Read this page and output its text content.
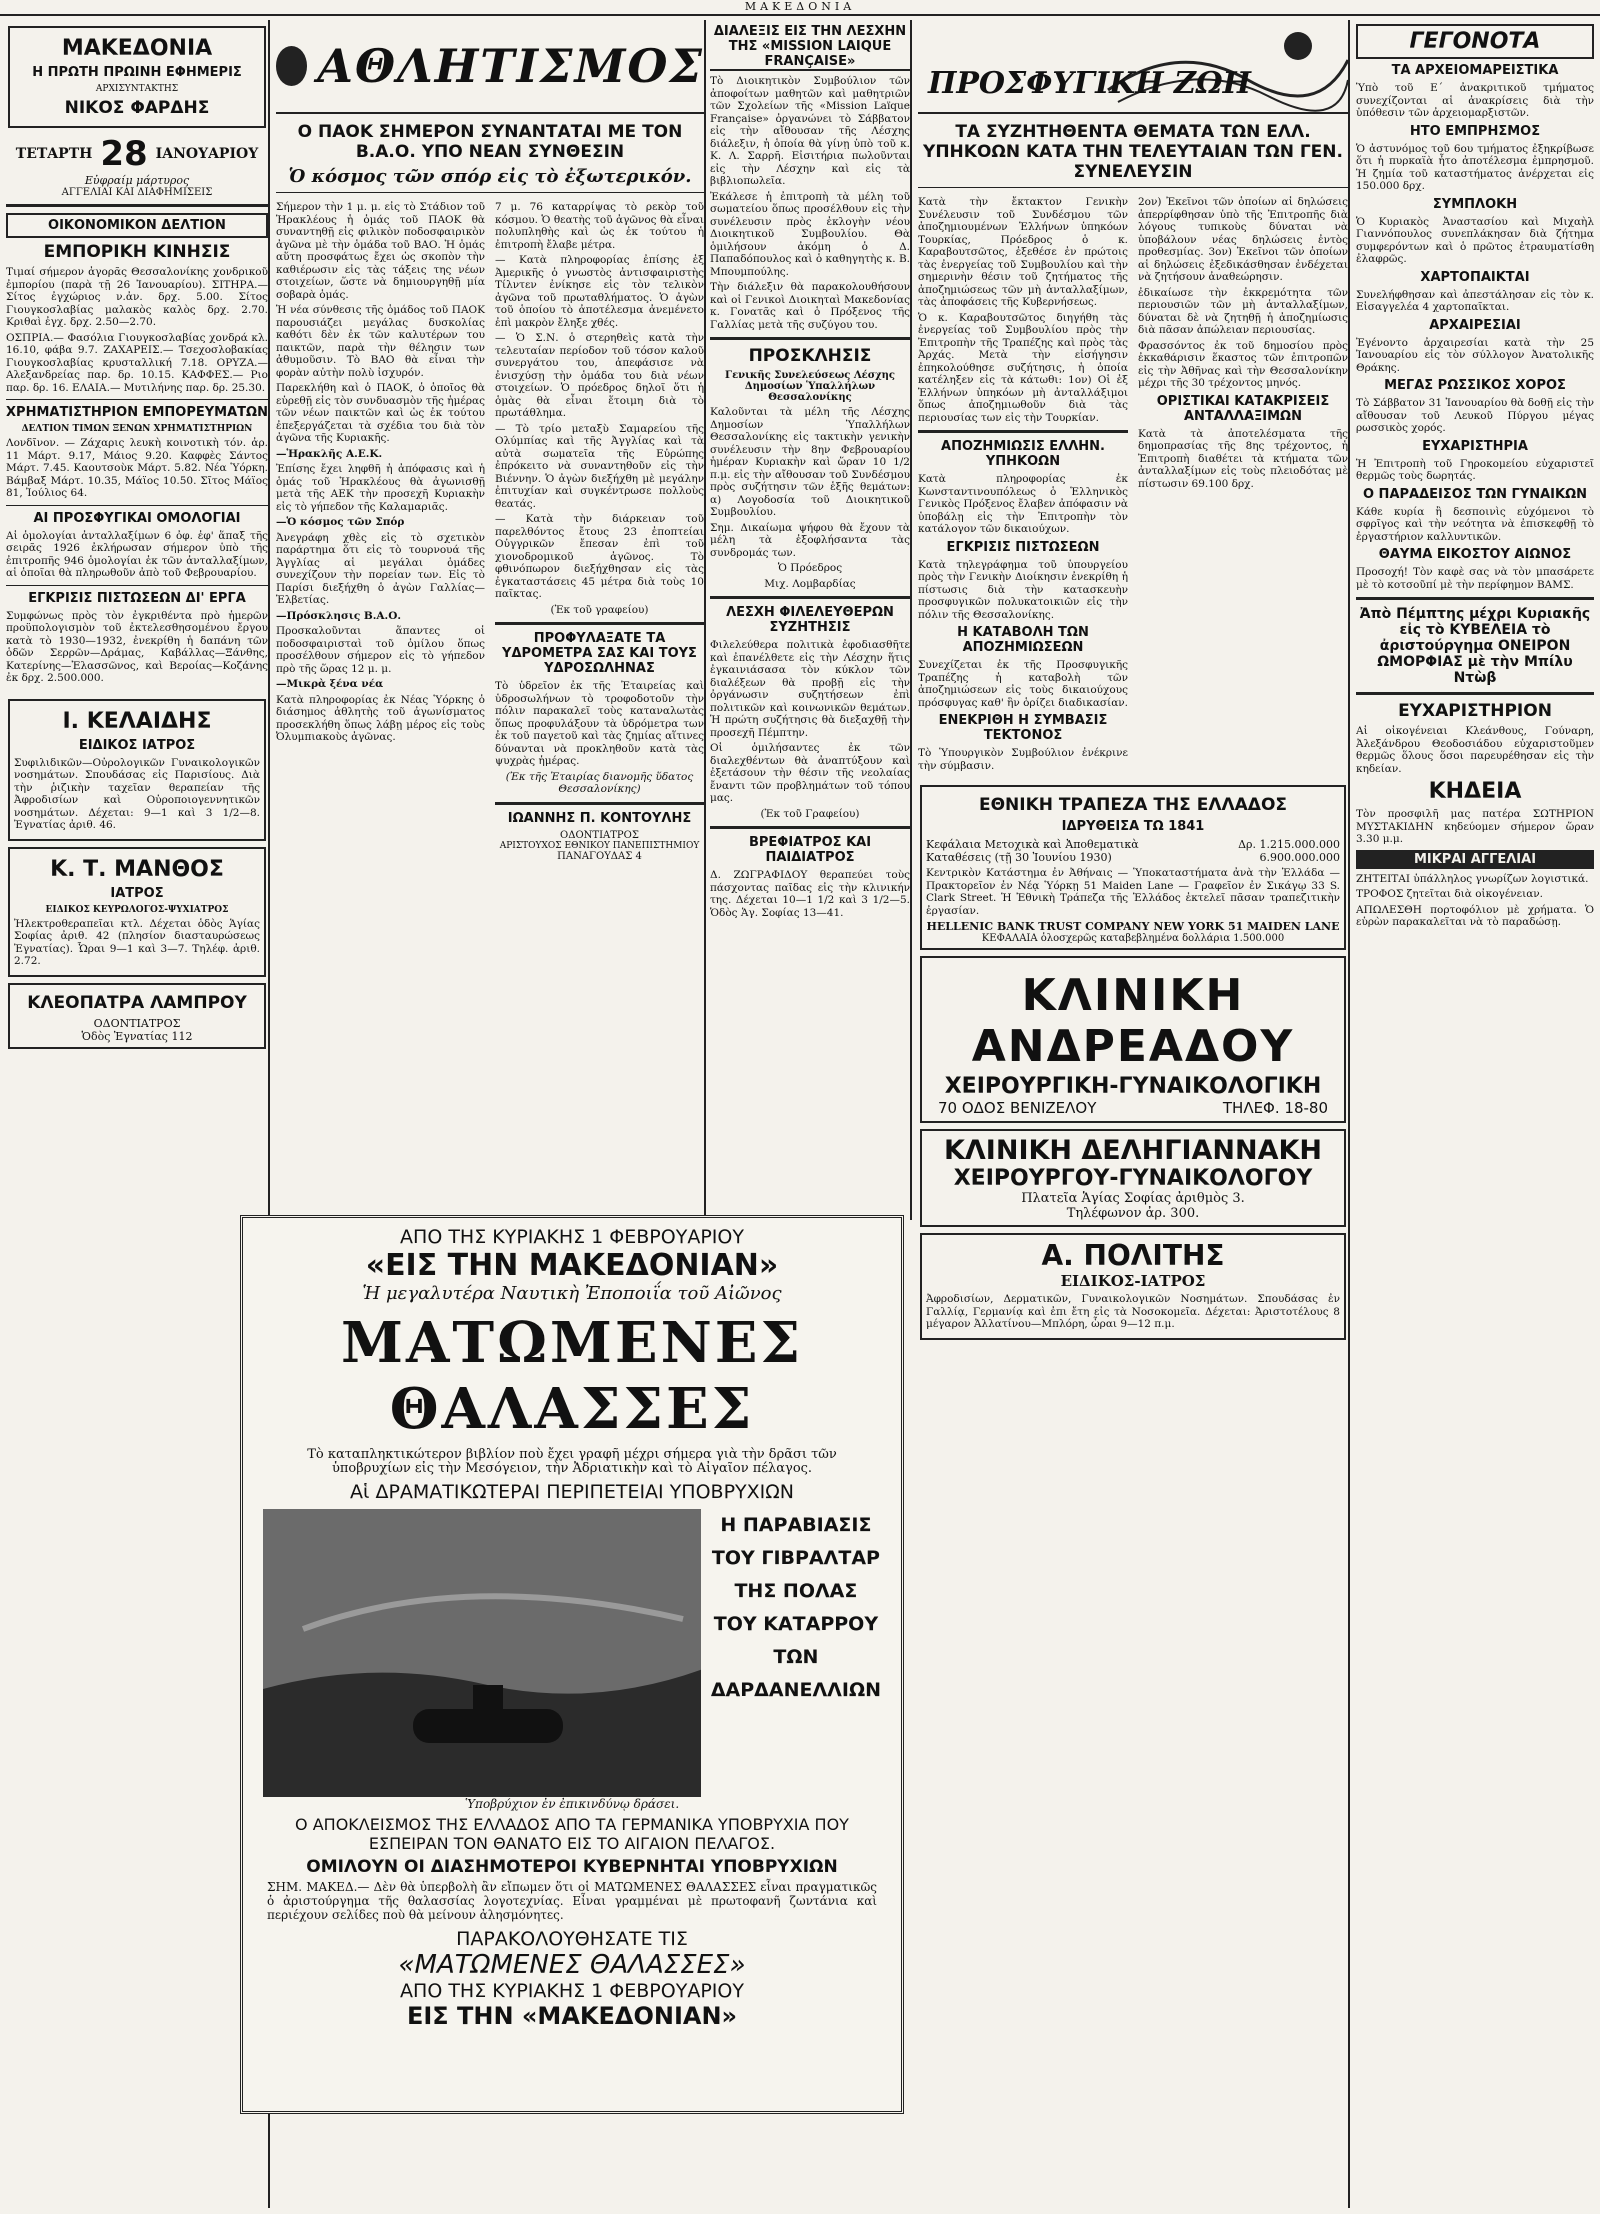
ΜΑΚΕΔΟΝΙΑ
ΜΑΚΕΔΟΝΙΑ
Η ΠΡΩΤΗ ΠΡΩΙΝΗ ΕΦΗΜΕΡΙΣ
ΑΡΧΙΣΥΝΤΑΚΤΗΣ
ΝΙΚΟΣ ΦΑΡΔΗΣ
ΤΕΤΑΡΤΗ 28 ΙΑΝΟΥΑΡΙΟΥ
Εὐφραίμ μάρτυρος
ΑΓΓΕΛΙΑΙ ΚΑΙ ΔΙΑΦΗΜΙΣΕΙΣ
ΟΙΚΟΝΟΜΙΚΟΝ ΔΕΛΤΙΟΝ
ΕΜΠΟΡΙΚΗ ΚΙΝΗΣΙΣ

Τιμαί σήμερον ἀγορᾶς Θεσσαλονίκης χονδρικοῦ ἐμπορίου (παρὰ τῇ 26 Ἰανουαρίου). ΣΙΤΗΡΑ.— Σίτος ἐγχώριος ν.ἀν. δρχ. 5.00. Σίτος Γιουγκοσλαβίας μαλακὸς καλὸς δρχ. 2.70. Κριθαὶ ἐγχ. δρχ. 2.50—2.70.

ΟΣΠΡΙΑ.— Φασόλια Γιουγκοσλαβίας χονδρά κλ. 16.10, φάβα 9.7. ΖΑΧΑΡΕΙΣ.— Τσεχοσλοβακίας Γιουγκοσλαβίας κρυσταλλική 7.18. ΟΡΥΖΑ.— Αλεξανδρείας παρ. δρ. 10.15. ΚΑΦΦΕΣ.— Ριο παρ. δρ. 16. ΕΛΑΙΑ.— Μυτιλήνης παρ. δρ. 25.30.

ΧΡΗΜΑΤΙΣΤΗΡΙΟΝ ΕΜΠΟΡΕΥΜΑΤΩΝ
ΔΕΛΤΙΟΝ ΤΙΜΩΝ ΞΕΝΩΝ ΧΡΗΜΑΤΙΣΤΗΡΙΩΝ

Λονδῖνον. — Ζάχαρις λευκὴ κοινοτικὴ τόν. ἀρ. 11 Μάρτ. 9.17, Μάιος 9.20. Καφφὲς Σάντος Μάρτ. 7.45. Καουτσοὺκ Μάρτ. 5.82. Νέα Ὑόρκη. Βάμβαξ Μάρτ. 10.35, Μάϊος 10.50. Σῖτος Μάϊος 81, Ἰούλιος 64.

ΑΙ ΠΡΟΣΦΥΓΙΚΑΙ ΟΜΟΛΟΓΙΑΙ

Αἱ ὁμολογίαι ἀνταλλαξίμων 6 ὀφ. ἐφ' ἅπαξ τῆς σειρᾶς 1926 ἐκλήρωσαν σήμερον ὑπὸ τῆς ἐπιτροπῆς 946 ὁμολογίαι ἐκ τῶν ἀνταλλαξίμων, αἱ ὁποῖαι θὰ πληρωθοῦν ἀπὸ τοῦ Φεβρουαρίου.

ΕΓΚΡΙΣΙΣ ΠΙΣΤΩΣΕΩΝ ΔΙ' ΕΡΓΑ

Συμφώνως πρὸς τὸν ἐγκριθέντα πρὸ ἡμερῶν προϋπολογισμὸν τοῦ ἐκτελεσθησομένου ἔργου κατὰ τὸ 1930—1932, ἐνεκρίθη ἡ δαπάνη τῶν ὁδῶν Σερρῶν—Δράμας, Καβάλλας—Ξάνθης, Κατερίνης—Ἐλασσῶνος, καὶ Βεροίας—Κοζάνης ἐκ δρχ. 2.500.000.

Ι. ΚΕΛΑΙΔΗΣ
ΕΙΔΙΚΟΣ ΙΑΤΡΟΣ

Συφιλιδικῶν—Οὐρολογικῶν Γυναικολογικῶν νοσημάτων. Σπουδάσας εἰς Παρισίους. Διὰ τὴν ῥιζικὴν ταχεῖαν θεραπείαν τῆς Ἀφροδισίων καὶ Οὐροποιογεννητικῶν νοσημάτων. Δέχεται: 9—1 καὶ 3 1/2—8. Ἐγνατίας ἀριθ. 46.

Κ. Τ. ΜΑΝΘΟΣ
ΙΑΤΡΟΣ
ΕΙΔΙΚΟΣ ΚΕΥΡΩΛΟΓΟΣ-ΨΥΧΙΑΤΡΟΣ

Ἠλεκτροθεραπεῖαι κτλ. Δέχεται ὁδὸς Ἁγίας Σοφίας ἀριθ. 42 (πλησίον διασταυρώσεως Ἐγνατίας). Ὧραι 9—1 καὶ 3—7. Τηλέφ. ἀριθ. 2.72.

ΚΛΕΟΠΑΤΡΑ ΛΑΜΠΡΟΥ
ΟΔΟΝΤΙΑΤΡΟΣ
Ὁδὸς Ἐγνατίας 112
ΑΘΛΗΤΙΣΜΟΣ
Ο ΠΑΟΚ ΣΗΜΕΡΟΝ ΣΥΝΑΝΤΑΤΑΙ ΜΕ ΤΟΝ Β.Α.Ο. ΥΠΟ ΝΕΑΝ ΣΥΝΘΕΣΙΝ
Ὁ κόσμος τῶν σπόρ εἰς τὸ ἐξωτερικόν.

Σήμερον τὴν 1 μ. μ. εἰς τὸ Στάδιον τοῦ Ἡρακλέους ἡ ὁμάς τοῦ ΠΑΟΚ θὰ συναντηθῇ εἰς φιλικὸν ποδοσφαιρικὸν ἀγῶνα μὲ τὴν ὁμάδα τοῦ ΒΑΟ. Ἡ ὁμάς αὕτη προσφάτως ἔχει ὡς σκοπὸν τὴν καθιέρωσιν εἰς τὰς τάξεις της νέων στοιχείων, ὥστε νὰ δημιουργηθῇ μία σοβαρὰ ὁμάς.

Ἡ νέα σύνθεσις τῆς ὁμάδος τοῦ ΠΑΟΚ παρουσιάζει μεγάλας δυσκολίας καθότι δὲν ἐκ τῶν καλυτέρων του παικτῶν, παρὰ τὴν θέλησιν των ἀθυμοῦσιν. Τὸ ΒΑΟ θὰ εἶναι τὴν φορὰν αὐτὴν πολὺ ἰσχυρόν.

Παρεκλήθη καὶ ὁ ΠΑΟΚ, ὁ ὁποῖος θὰ εὑρεθῇ εἰς τὸν συνδυασμὸν τῆς ἡμέρας τῶν νέων παικτῶν καὶ ὡς ἐκ τούτου ἐπεξεργάζεται τὰ σχέδια του διὰ τὸν ἀγῶνα τῆς Κυριακῆς.

—Ἡρακλῆς Α.Ε.Κ.

Ἐπίσης ἔχει ληφθῆ ἡ ἀπόφασις καὶ ἡ ὁμάς τοῦ Ἡρακλέους θὰ ἀγωνισθῇ μετὰ τῆς ΑΕΚ τὴν προσεχῆ Κυριακὴν εἰς τὸ γήπεδον τῆς Καλαμαριᾶς.

—Ὁ κόσμος τῶν Σπόρ

Ἀνεγράφη χθὲς εἰς τὸ σχετικὸν παράρτημα ὅτι εἰς τὸ τουρνουά τῆς Ἀγγλίας αἱ μεγάλαι ὁμάδες συνεχίζουν τὴν πορείαν των. Εἰς τὸ Παρίσι διεξήχθη ὁ ἀγὼν Γαλλίας—Ἑλβετίας.

—Πρόσκλησις Β.Α.Ο.

Προσκαλοῦνται ἅπαντες οἱ ποδοσφαιρισταὶ τοῦ ὁμίλου ὅπως προσέλθουν σήμερον εἰς τὸ γήπεδον πρὸ τῆς ὥρας 12 μ. μ.

—Μικρὰ ξένα νέα

Κατὰ πληροφορίας ἐκ Νέας Ὑόρκης ὁ διάσημος ἀθλητὴς τοῦ ἀγωνίσματος προσεκλήθη ὅπως λάβῃ μέρος εἰς τοὺς Ὀλυμπιακοὺς ἀγῶνας.

7 μ. 76 καταρρίψας τὸ ρεκὸρ τοῦ κόσμου. Ὁ θεατὴς τοῦ ἀγῶνος θὰ εἶναι πολυπληθὴς καὶ ὡς ἐκ τούτου ἡ ἐπιτροπὴ ἔλαβε μέτρα.

— Κατὰ πληροφορίας ἐπίσης ἐξ Ἀμερικῆς ὁ γνωστὸς ἀντισφαιριστὴς Τίλντεν ἐνίκησε εἰς τὸν τελικὸν ἀγῶνα τοῦ πρωταθλήματος. Ὁ ἀγὼν τοῦ ὁποίου τὸ ἀποτέλεσμα ἀνεμένετο ἐπὶ μακρὸν ἔληξε χθές.

— Ὁ Σ.Ν. ὁ στερηθεὶς κατὰ τὴν τελευταίαν περίοδον τοῦ τόσον καλοῦ συνεργάτου του, ἀπεφάσισε νὰ ἐνισχύσῃ τὴν ὁμάδα του διὰ νέων στοιχείων. Ὁ πρόεδρος δηλοῖ ὅτι ἡ ὁμὰς θὰ εἶναι ἕτοιμη διὰ τὸ πρωτάθλημα.

— Τὸ τρίο μεταξὺ Σαμαρείου τῆς Ολύμπίας καὶ τῆς Ἀγγλίας καὶ τὰ αὐτὰ σωματεῖα τῆς Εὐρώπης ἐπρόκειτο νὰ συναντηθοῦν εἰς τὴν Βιέννην. Ὁ ἀγὼν διεξήχθη μὲ μεγάλην ἐπιτυχίαν καὶ συγκέντρωσε πολλοὺς θεατάς.

— Κατὰ τὴν διάρκειαν τοῦ παρελθόντος ἔτους 23 ἐποπτείαι Οὐγγρικῶν ἔπεσαν ἐπὶ τοῦ χιονοδρομικοῦ ἀγῶνος. Τὸ φθινόπωρον διεξήχθησαν εἰς τὰς ἐγκαταστάσεις 45 μέτρα διὰ τοὺς 10 παῖκτας.

(Ἐκ τοῦ γραφείου)

ΠΡΟΦΥΛΑΞΑΤΕ ΤΑ ΥΔΡΟΜΕΤΡΑ ΣΑΣ ΚΑΙ ΤΟΥΣ ΥΔΡΟΣΩΛΗΝΑΣ

Τὸ ὑδρεῖον ἐκ τῆς Ἐταιρείας καὶ ὑδροσωλήνων τὸ τροφοδοτοῦν τὴν πόλιν παρακαλεῖ τοὺς καταναλωτὰς ὅπως προφυλάξουν τὰ ὑδρόμετρα των ἐκ τοῦ παγετοῦ καὶ τὰς ζημίας αἵτινες δύνανται νὰ προκληθοῦν κατὰ τὰς ψυχρὰς ἡμέρας.

(Ἐκ τῆς Ἐταιρίας διανομῆς ὕδατος Θεσσαλονίκης)

ΙΩΑΝΝΗΣ Π. ΚΟΝΤΟΥΛΗΣ
ΟΔΟΝΤΙΑΤΡΟΣ
ΑΡΙΣΤΟΥΧΟΣ ΕΘΝΙΚΟΥ ΠΑΝΕΠΙΣΤΗΜΙΟΥ
ΠΑΝΑΓΟΥΔΑΣ 4
ΔΙΑΛΕΞΙΣ ΕΙΣ ΤΗΝ ΛΕΣΧΗΝ ΤΗΣ «MISSION LAIQUE FRANÇAISE»

Τὸ Διοικητικὸν Συμβούλιον τῶν ἀποφοίτων μαθητῶν καὶ μαθητριῶν τῶν Σχολείων τῆς «Mission Laïque Française» ὀργανώνει τὸ Σάββατον εἰς τὴν αἴθουσαν τῆς Λέσχης διάλεξιν, ἡ ὁποία θὰ γίνῃ ὑπὸ τοῦ κ. Κ. Λ. Σαρρῆ. Εἰσιτήρια πωλοῦνται εἰς τὴν Λέσχην καὶ εἰς τὰ βιβλιοπωλεῖα.

Ἐκάλεσε ἡ ἐπιτροπὴ τὰ μέλη τοῦ σωματείου ὅπως προσέλθουν εἰς τὴν συνέλευσιν πρὸς ἐκλογὴν νέου Διοικητικοῦ Συμβουλίου. Θὰ ὁμιλήσουν ἀκόμη ὁ Δ. Παπαδόπουλος καὶ ὁ καθηγητὴς κ. Β. Μπουμπούλης.

Τὴν διάλεξιν θὰ παρακολουθήσουν καὶ οἱ Γενικοὶ Διοικηταὶ Μακεδονίας κ. Γονατᾶς καὶ ὁ Πρόξενος τῆς Γαλλίας μετὰ τῆς συζύγου του.

ΠΡΟΣΚΛΗΣΙΣ
Γενικῆς Συνελεύσεως Λέσχης Δημοσίων Ὑπαλλήλων Θεσσαλονίκης

Καλοῦνται τὰ μέλη τῆς Λέσχης Δημοσίων Ὑπαλλήλων Θεσσαλονίκης εἰς τακτικὴν γενικὴν συνέλευσιν τὴν 8ην Φεβρουαρίου ἡμέραν Κυριακὴν καὶ ὥραν 10 1/2 π.μ. εἰς τὴν αἴθουσαν τοῦ Συνδέσμου πρὸς συζήτησιν τῶν ἑξῆς θεμάτων: α) Λογοδοσία τοῦ Διοικητικοῦ Συμβουλίου.

Σημ. Δικαίωμα ψήφου θὰ ἔχουν τὰ μέλη τὰ ἐξοφλήσαντα τὰς συνδρομάς των.

Ὁ Πρόεδρος

Μιχ. Λομβαρδίας

ΛΕΣΧΗ ΦΙΛΕΛΕΥΘΕΡΩΝ ΣΥΖΗΤΗΣΙΣ

Φιλελεύθερα πολιτικὰ ἐφοδιασθῆτε καὶ ἐπανέλθετε εἰς τὴν Λέσχην ἥτις ἐγκαινιάσασα τὸν κύκλον τῶν διαλέξεων θὰ προβῇ εἰς τὴν ὀργάνωσιν συζητήσεων ἐπὶ πολιτικῶν καὶ κοινωνικῶν θεμάτων. Ἡ πρώτη συζήτησις θὰ διεξαχθῇ τὴν προσεχῆ Πέμπτην.

Οἱ ὁμιλήσαντες ἐκ τῶν διαλεχθέντων θὰ ἀναπτύξουν καὶ ἐξετάσουν τὴν θέσιν τῆς νεολαίας ἔναντι τῶν προβλημάτων τοῦ τόπου μας.

(Ἐκ τοῦ Γραφείου)

ΒΡΕΦΙΑΤΡΟΣ ΚΑΙ ΠΑΙΔΙΑΤΡΟΣ

Δ. ΖΩΓΡΑΦΙΔΟΥ θεραπεύει τοὺς πάσχοντας παῖδας εἰς τὴν κλινικήν της. Δέχεται 10—1 1/2 καὶ 3 1/2—5. Ὁδὸς Ἁγ. Σοφίας 13—41.

ΠΡΟΣΦΥΓΙΚΗ ΖΩΗ
ΤΑ ΣΥΖΗΤΗΘΕΝΤΑ ΘΕΜΑΤΑ ΤΩΝ ΕΛΛ. ΥΠΗΚΟΩΝ ΚΑΤΑ ΤΗΝ ΤΕΛΕΥΤΑΙΑΝ ΤΩΝ ΓΕΝ. ΣΥΝΕΛΕΥΣΙΝ

Κατὰ τὴν ἔκτακτον Γενικὴν Συνέλευσιν τοῦ Συνδέσμου τῶν ἀποζημιουμένων Ἑλλήνων ὑπηκόων Τουρκίας, Πρόεδρος ὁ κ. Καραβουτσῶτος, ἐξεθέσε ἐν πρώτοις τὰς ἐνεργείας τοῦ Συμβουλίου καὶ τὴν σημερινὴν θέσιν τοῦ ζητήματος τῆς ἀποζημιώσεως τῶν μὴ ἀνταλλαξίμων, τὰς ἀποφάσεις τῆς Κυβερνήσεως.

Ὁ κ. Καραβουτσῶτος διηγήθη τὰς ἐνεργείας τοῦ Συμβουλίου πρὸς τὴν Ἐπιτροπὴν τῆς Τραπέζης καὶ πρὸς τὰς Ἀρχάς. Μετὰ τὴν εἰσήγησιν ἐπηκολούθησε συζήτησις, ἡ ὁποία κατέληξεν εἰς τὰ κάτωθι: 1ον) Οἱ ἐξ Ἑλλήνων ὑπηκόων μὴ ἀνταλλάξιμοι ὅπως ἀποζημιωθοῦν διὰ τὰς περιουσίας των εἰς τὴν Τουρκίαν.

ΑΠΟΖΗΜΙΩΣΙΣ ΕΛΛΗΝ. ΥΠΗΚΟΩΝ

Κατὰ πληροφορίας ἐκ Κωνσταντινουπόλεως ὁ Ἑλληνικὸς Γενικὸς Πρόξενος ἔλαβεν ἀπόφασιν νὰ ὑποβάλῃ εἰς τὴν Ἐπιτροπὴν τὸν κατάλογον τῶν δικαιούχων.

ΕΓΚΡΙΣΙΣ ΠΙΣΤΩΣΕΩΝ

Κατὰ τηλεγράφημα τοῦ ὑπουργείου πρὸς τὴν Γενικὴν Διοίκησιν ἐνεκρίθη ἡ πίστωσις διὰ τὴν κατασκευὴν προσφυγικῶν πολυκατοικιῶν εἰς τὴν πόλιν τῆς Θεσσαλονίκης.

Η ΚΑΤΑΒΟΛΗ ΤΩΝ ΑΠΟΖΗΜΙΩΣΕΩΝ

Συνεχίζεται ἐκ τῆς Προσφυγικῆς Τραπέζης ἡ καταβολὴ τῶν ἀποζημιώσεων εἰς τοὺς δικαιούχους πρόσφυγας καθ' ἣν ὁρίζει διαδικασίαν.

ΕΝΕΚΡΙΘΗ Η ΣΥΜΒΑΣΙΣ ΤΕΚΤΟΝΟΣ

Τὸ Ὑπουργικὸν Συμβούλιον ἐνέκρινε τὴν σύμβασιν.

2ον) Ἐκεῖνοι τῶν ὁποίων αἱ δηλώσεις ἀπερρίφθησαν ὑπὸ τῆς Ἐπιτροπῆς διὰ λόγους τυπικοὺς δύναται νὰ ὑποβάλουν νέας δηλώσεις ἐντὸς προθεσμίας. 3ον) Ἐκεῖνοι τῶν ὁποίων αἱ δηλώσεις ἐξεδικάσθησαν ἐνδέχεται νὰ ζητήσουν ἀναθεώρησιν.

ἐδικαίωσε τὴν ἐκκρεμότητα τῶν περιουσιῶν τῶν μὴ ἀνταλλαξίμων, δύναται δὲ νὰ ζητηθῇ ἡ ἀποζημίωσις διὰ πᾶσαν ἀπώλειαν περιουσίας.

Φρασσόντος ἐκ τοῦ δημοσίου πρὸς ἐκκαθάρισιν ἕκαστος τῶν ἐπιτροπῶν εἰς τὴν Ἀθῆνας καὶ τὴν Θεσσαλονίκην μέχρι τῆς 30 τρέχοντος μηνός.

ΟΡΙΣΤΙΚΑΙ ΚΑΤΑΚΡΙΣΕΙΣ ΑΝΤΑΛΛΑΞΙΜΩΝ

Κατὰ τὰ ἀποτελέσματα τῆς δημοπρασίας τῆς 8ης τρέχοντος, ἡ Ἐπιτροπὴ διαθέτει τὰ κτήματα τῶν ἀνταλλαξίμων εἰς τοὺς πλειοδότας μὲ πίστωσιν 69.100 δρχ.

ΕΘΝΙΚΗ ΤΡΑΠΕΖΑ ΤΗΣ ΕΛΛΑΔΟΣ
ΙΔΡΥΘΕΙΣΑ ΤΩ 1841
Κεφάλαια Μετοχικὰ καὶ Ἀποθεματικὰ	Δρ. 1.215.000.000
Καταθέσεις (τῇ 30 Ἰουνίου 1930)	6.900.000.000

Κεντρικὸν Κατάστημα ἐν Ἀθήναις — Ὑποκαταστήματα ἀνὰ τὴν Ἑλλάδα — Πρακτορεῖον ἐν Νέᾳ Ὑόρκῃ 51 Maiden Lane — Γραφεῖον ἐν Σικάγῳ 33 S. Clark Street. Ἡ Ἐθνικὴ Τράπεζα τῆς Ἑλλάδος ἐκτελεῖ πᾶσαν τραπεζιτικὴν ἐργασίαν.

HELLENIC BANK TRUST COMPANY NEW YORK 51 MAIDEN LANE
ΚΕΦΑΛΑΙΑ ὁλοσχερῶς καταβεβλημένα δολλάρια 1.500.000
ΚΛΙΝΙΚΗ ΑΝΔΡΕΑΔΟΥ
ΧΕΙΡΟΥΡΓΙΚΗ-ΓΥΝΑΙΚΟΛΟΓΙΚΗ
70 ΟΔΟΣ ΒΕΝΙΖΕΛΟΥ	ΤΗΛΕΦ. 18-80
ΚΛΙΝΙΚΗ ΔΕΛΗΓΙΑΝΝΑΚΗ
ΧΕΙΡΟΥΡΓΟΥ-ΓΥΝΑΙΚΟΛΟΓΟΥ
Πλατεῖα Ἁγίας Σοφίας ἀριθμὸς 3.
Τηλέφωνον ἀρ. 300.
Α. ΠΟΛΙΤΗΣ
ΕΙΔΙΚΟΣ-ΙΑΤΡΟΣ

Ἀφροδισίων, Δερματικῶν, Γυναικολογικῶν Νοσημάτων. Σπουδάσας ἐν Γαλλίᾳ, Γερμανίᾳ καὶ ἐπι ἔτη εἰς τὰ Νοσοκομεῖα. Δέχεται: Ἀριστοτέλους 8 μέγαρον Ἀλλατίνου—Μπλόρη, ὧραι 9—12 π.μ.

ΓΕΓΟΝΟΤΑ
ΤΑ ΑΡΧΕΙΟΜΑΡΕΙΣΤΙΚΑ

Ὑπὸ τοῦ Ε΄ ἀνακριτικοῦ τμήματος συνεχίζονται αἱ ἀνακρίσεις διὰ τὴν ὑπόθεσιν τῶν ἀρχειομαρξιστῶν.

ΗΤΟ ΕΜΠΡΗΣΜΟΣ

Ὁ ἀστυνόμος τοῦ 6ου τμήματος ἐξηκρίβωσε ὅτι ἡ πυρκαϊὰ ἦτο ἀποτέλεσμα ἐμπρησμοῦ. Ἡ ζημία τοῦ καταστήματος ἀνέρχεται εἰς 150.000 δρχ.

ΣΥΜΠΛΟΚΗ

Ὁ Κυριακὸς Ἀναστασίου καὶ Μιχαὴλ Γιαννόπουλος συνεπλάκησαν διὰ ζήτημα συμφερόντων καὶ ὁ πρῶτος ἐτραυματίσθη ἐλαφρῶς.

ΧΑΡΤΟΠΑΙΚΤΑΙ

Συνελήφθησαν καὶ ἀπεστάλησαν εἰς τὸν κ. Εἰσαγγελέα 4 χαρτοπαῖκται.

ΑΡΧΑΙΡΕΣΙΑΙ

Ἐγένοντο ἀρχαιρεσίαι κατὰ τὴν 25 Ἰανουαρίου εἰς τὸν σύλλογον Ἀνατολικῆς Θράκης.

ΜΕΓΑΣ ΡΩΣΣΙΚΟΣ ΧΟΡΟΣ

Τὸ Σάββατον 31 Ἰανουαρίου θὰ δοθῇ εἰς τὴν αἴθουσαν τοῦ Λευκοῦ Πύργου μέγας ρωσσικὸς χορός.

ΕΥΧΑΡΙΣΤΗΡΙΑ

Ἡ Ἐπιτροπὴ τοῦ Γηροκομείου εὐχαριστεῖ θερμῶς τοὺς δωρητάς.

Ο ΠΑΡΑΔΕΙΣΟΣ ΤΩΝ ΓΥΝΑΙΚΩΝ

Κάθε κυρία ἢ δεσποινὶς εὐχόμενοι τὸ σφρῖγος καὶ τὴν νεότητα νὰ ἐπισκεφθῇ τὸ ἐργαστήριον καλλυντικῶν.

ΘΑΥΜΑ ΕΙΚΟΣΤΟΥ ΑΙΩΝΟΣ

Προσοχή! Τὸν καφὲ σας νὰ τὸν μπασάρετε μὲ τὸ κοτσοῦπί μὲ τὴν περίφημον ΒΑΜΣ.

Ἀπὸ Πέμπτης μέχρι Κυριακῆς εἰς τὸ ΚΥΒΕΛΕΙΑ τὸ ἀριστούργημα ΟΝΕΙΡΟΝ ΩΜΟΡΦΙΑΣ μὲ τὴν Μπίλυ Ντὼβ
ΕΥΧΑΡΙΣΤΗΡΙΟΝ

Αἱ οἰκογένειαι Κλεάνθους, Γούναρη, Ἀλεξάνδρου Θεοδοσιάδου εὐχαριστοῦμεν θερμῶς ὅλους ὅσοι παρευρέθησαν εἰς τὴν κηδείαν.

ΚΗΔΕΙΑ

Τὸν προσφιλῆ μας πατέρα ΣΩΤΗΡΙΟΝ ΜΥΣΤΑΚΙΔΗΝ κηδεύομεν σήμερον ὥραν 3.30 μ.μ.

ΜΙΚΡΑΙ ΑΓΓΕΛΙΑΙ

ΖΗΤΕΙΤΑΙ ὑπάλληλος γνωρίζων λογιστικά.

ΤΡΟΦΟΣ ζητεῖται διὰ οἰκογένειαν.

ΑΠΩΛΕΣΘΗ πορτοφόλιον μὲ χρήματα. Ὁ εὑρὼν παρακαλεῖται νὰ τὸ παραδώσῃ.

ΑΠΟ ΤΗΣ ΚΥΡΙΑΚΗΣ 1 ΦΕΒΡΟΥΑΡΙΟΥ
«ΕΙΣ ΤΗΝ ΜΑΚΕΔΟΝΙΑΝ»
Ἡ μεγαλυτέρα Ναυτικὴ Ἐποποιΐα τοῦ Αἰῶνος
ΜΑΤΩΜΕΝΕΣ ΘΑΛΑΣΣΕΣ

Τὸ καταπληκτικώτερον βιβλίον ποὺ ἔχει γραφῆ μέχρι σήμερα γιὰ τὴν δρᾶσι τῶν ὑποβρυχίων εἰς τὴν Μεσόγειον, τὴν Ἀδριατικὴν καὶ τὸ Αἰγαῖον πέλαγος.

Αἱ ΔΡΑΜΑΤΙΚΩΤΕΡΑΙ ΠΕΡΙΠΕΤΕΙΑΙ ΥΠΟΒΡΥΧΙΩΝ
Η ΠΑΡΑΒΙΑΣΙΣ ΤΟΥ ΓΙΒΡΑΛΤΑΡ ΤΗΣ ΠΟΛΑΣ ΤΟΥ ΚΑΤΑΡΡΟΥ ΤΩΝ ΔΑΡΔΑΝΕΛΛΙΩΝ
Ὑποβρύχιον ἐν ἐπικινδύνῳ δράσει.
Ο ΑΠΟΚΛΕΙΣΜΟΣ ΤΗΣ ΕΛΛΑΔΟΣ ΑΠΟ ΤΑ ΓΕΡΜΑΝΙΚΑ ΥΠΟΒΡΥΧΙΑ ΠΟΥ ΕΣΠΕΙΡΑΝ ΤΟΝ ΘΑΝΑΤΟ ΕΙΣ ΤΟ ΑΙΓΑΙΟΝ ΠΕΛΑΓΟΣ.
ΟΜΙΛΟΥΝ ΟΙ ΔΙΑΣΗΜΟΤΕΡΟΙ ΚΥΒΕΡΝΗΤΑΙ ΥΠΟΒΡΥΧΙΩΝ

ΣΗΜ. ΜΑΚΕΔ.— Δὲν θὰ ὑπερβολὴ ἂν εἴπωμεν ὅτι οἱ ΜΑΤΩΜΕΝΕΣ ΘΑΛΑΣΣΕΣ εἶναι πραγματικῶς ὁ ἀριστούργημα τῆς θαλασσίας λογοτεχνίας. Εἶναι γραμμέναι μὲ πρωτοφανῆ ζωντάνια καὶ περιέχουν σελίδες ποὺ θὰ μείνουν ἀλησμόνητες.

ΠΑΡΑΚΟΛΟΥΘΗΣΑΤΕ ΤΙΣ
«ΜΑΤΩΜΕΝΕΣ ΘΑΛΑΣΣΕΣ»
ΑΠΟ ΤΗΣ ΚΥΡΙΑΚΗΣ 1 ΦΕΒΡΟΥΑΡΙΟΥ
ΕΙΣ ΤΗΝ «ΜΑΚΕΔΟΝΙΑΝ»
